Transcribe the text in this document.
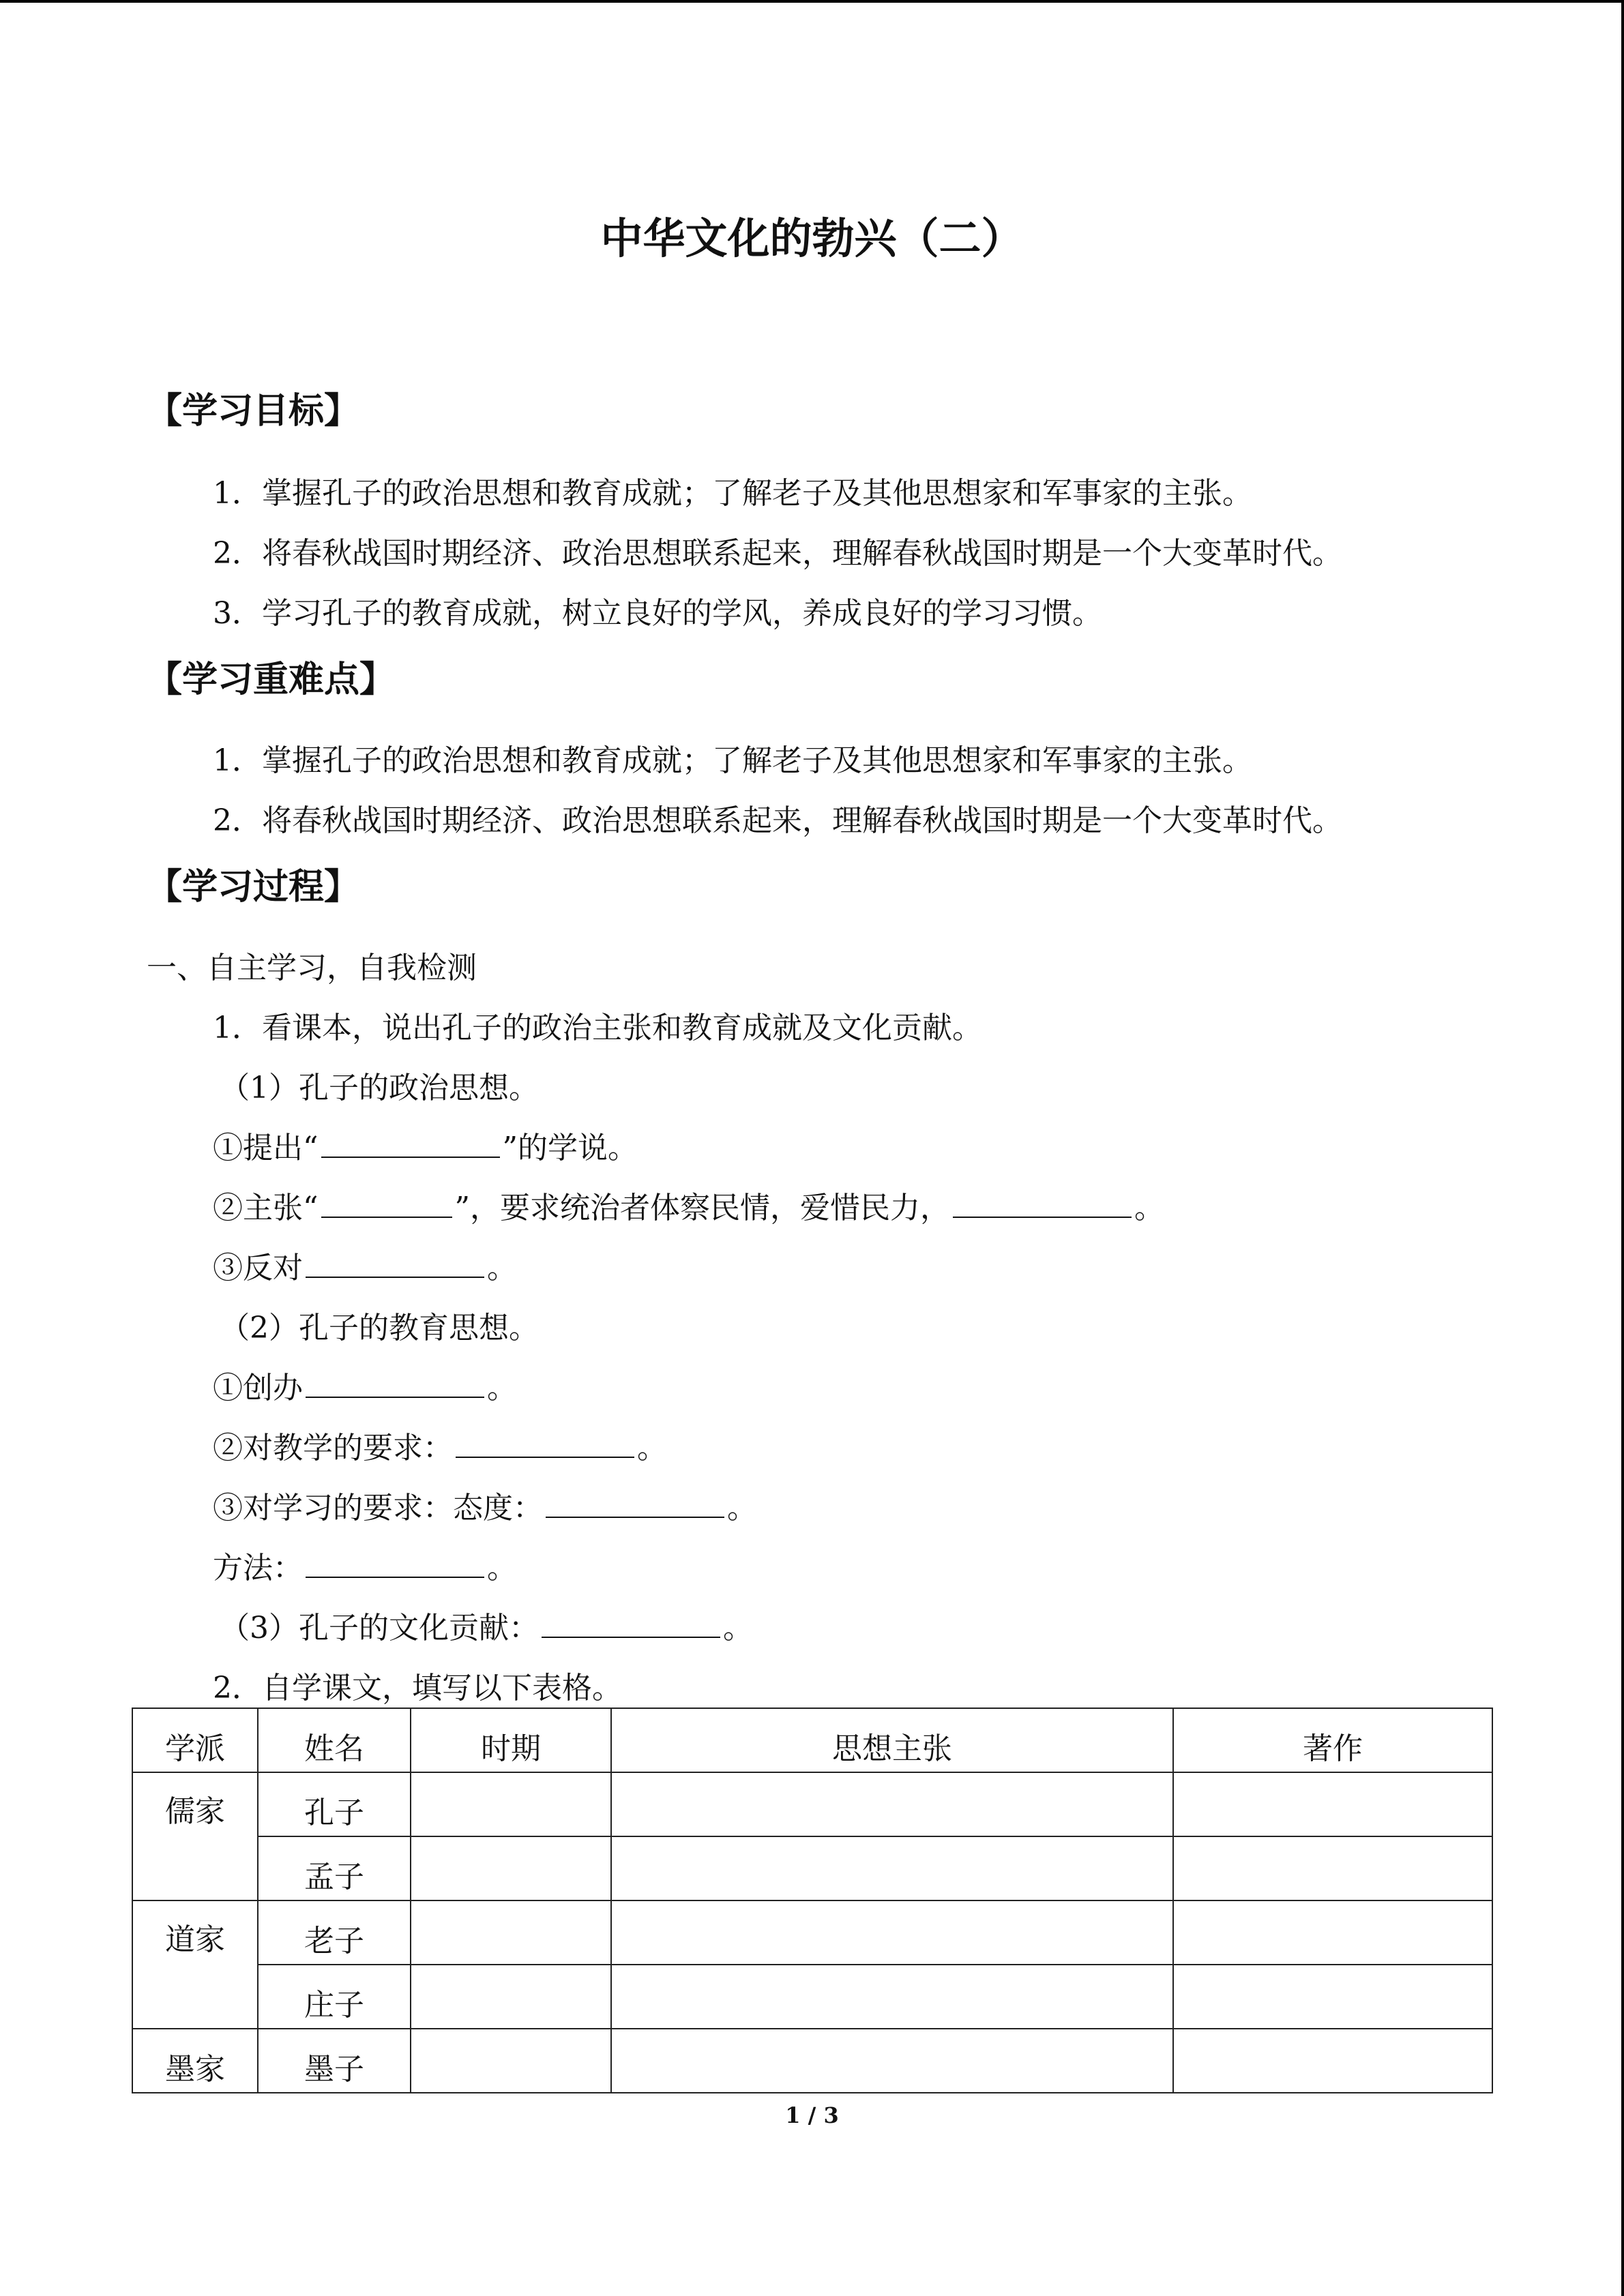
中华文化的勃兴（二）
【学习目标】
1．掌握孔子的政治思想和教育成就；了解老子及其他思想家和军事家的主张。
2．将春秋战国时期经济、政治思想联系起来，理解春秋战国时期是一个大变革时代。
3．学习孔子的教育成就，树立良好的学风，养成良好的学习习惯。
【学习重难点】
1．掌握孔子的政治思想和教育成就；了解老子及其他思想家和军事家的主张。
2．将春秋战国时期经济、政治思想联系起来，理解春秋战国时期是一个大变革时代。
【学习过程】
一、自主学习，自我检测
1．看课本，说出孔子的政治主张和教育成就及文化贡献。
（1）孔子的政治思想。
①提出“	”的学说。
②主张“	”，要求统治者体察民情，爱惜民力，	。
③反对	。
（2）孔子的教育思想。
①创办	。
②对教学的要求：	。
③对学习的要求：态度：	。
方法：	。
（3）孔子的文化贡献：	。
2．自学课文，填写以下表格。
学派	姓名	时期	思想主张	著作
儒家	孔子			
	孟子			
道家	老子			
	庄子			
墨家	墨子			
1 / 3
